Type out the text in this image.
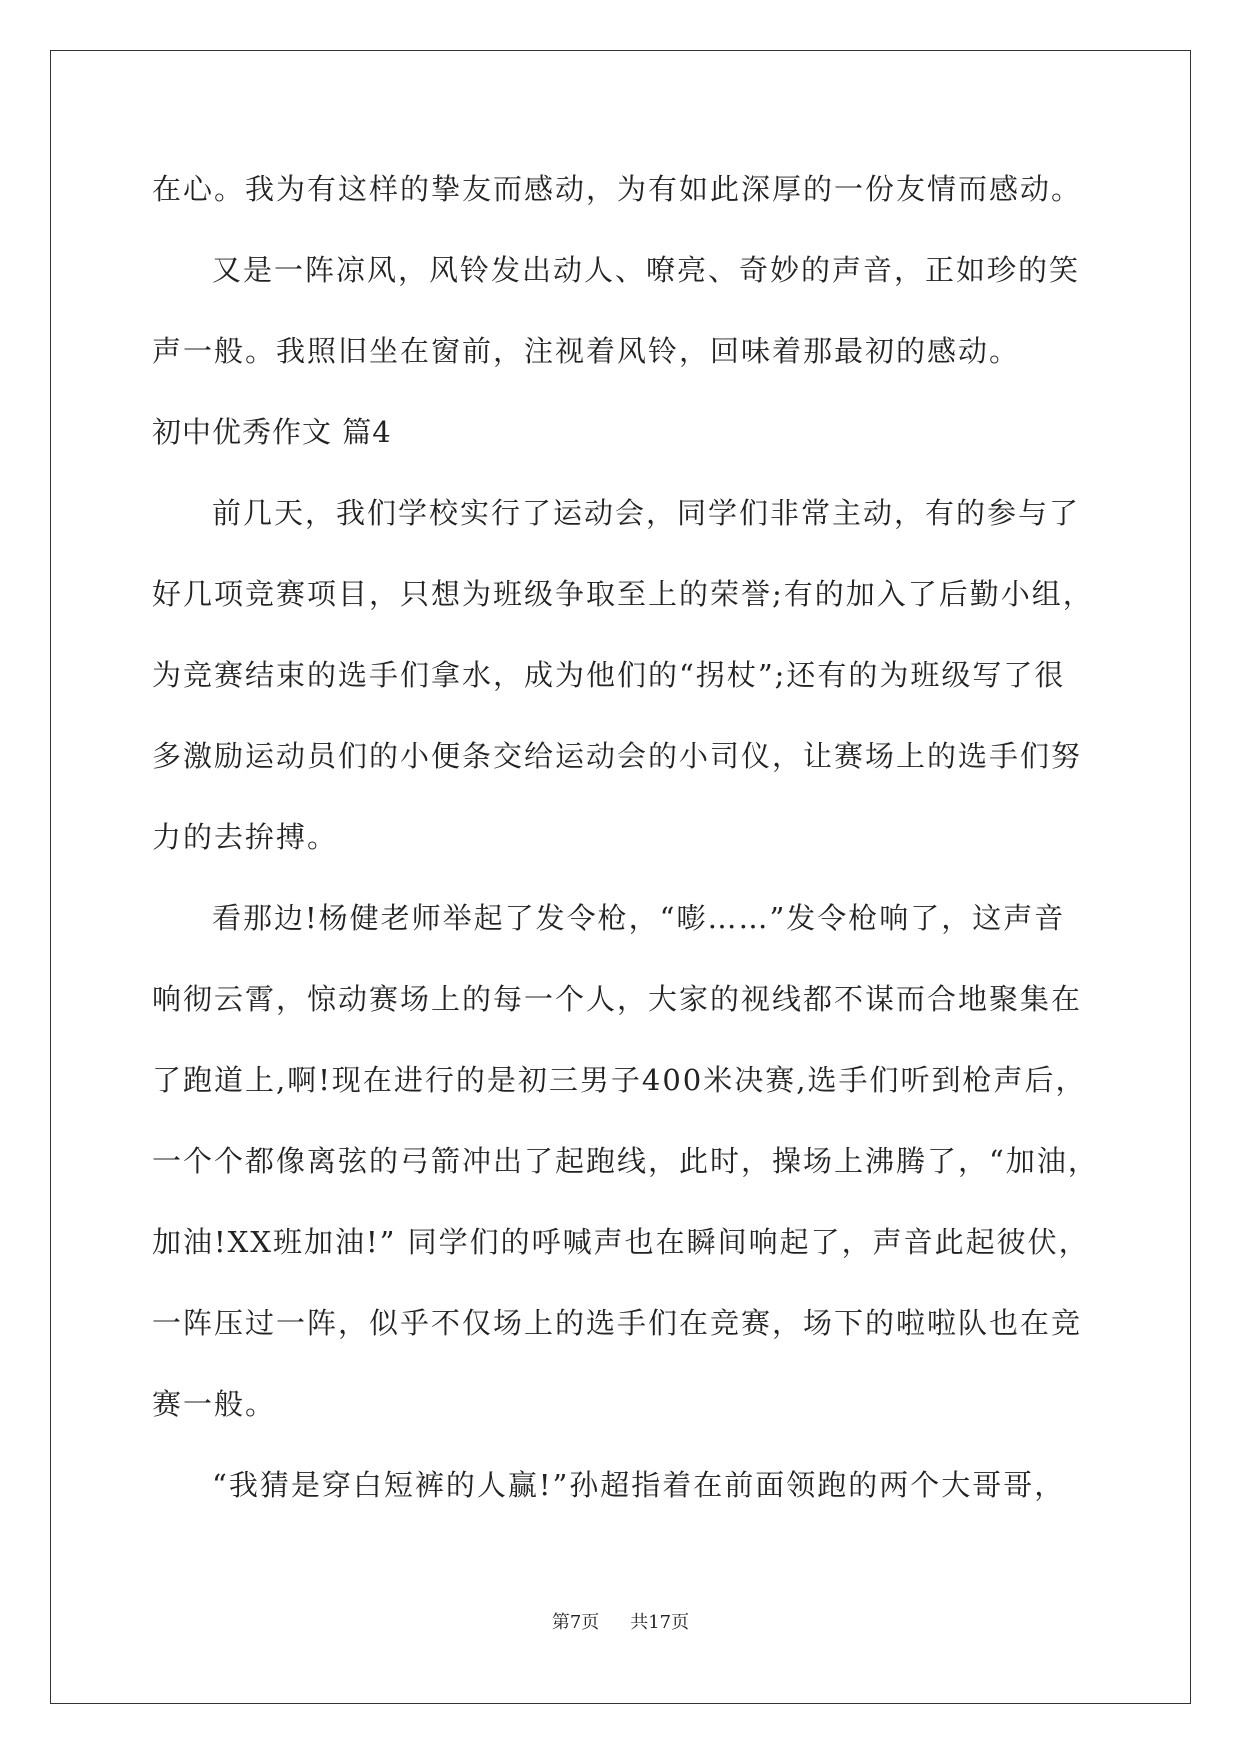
在心。我为有这样的挚友而感动，为有如此深厚的一份友情而感动。
又是一阵凉风，风铃发出动人、嘹亮、奇妙的声音，正如珍的笑
声一般。我照旧坐在窗前，注视着风铃，回味着那最初的感动。
初中优秀作文 篇4
前几天，我们学校实行了运动会，同学们非常主动，有的参与了
好几项竞赛项目，只想为班级争取至上的荣誉;有的加入了后勤小组，
为竞赛结束的选手们拿水，成为他们的“拐杖”;还有的为班级写了很
多激励运动员们的小便条交给运动会的小司仪，让赛场上的选手们努
力的去拚搏。
看那边!杨健老师举起了发令枪，“嘭……”发令枪响了，这声音
响彻云霄，惊动赛场上的每一个人，大家的视线都不谋而合地聚集在
了跑道上,啊!现在进行的是初三男子400米决赛,选手们听到枪声后，
一个个都像离弦的弓箭冲出了起跑线，此时，操场上沸腾了，“加油，
加油!XX班加油!” 同学们的呼喊声也在瞬间响起了，声音此起彼伏，
一阵压过一阵，似乎不仅场上的选手们在竞赛，场下的啦啦队也在竞
赛一般。
“我猜是穿白短裤的人赢!”孙超指着在前面领跑的两个大哥哥，
第7页 共17页
